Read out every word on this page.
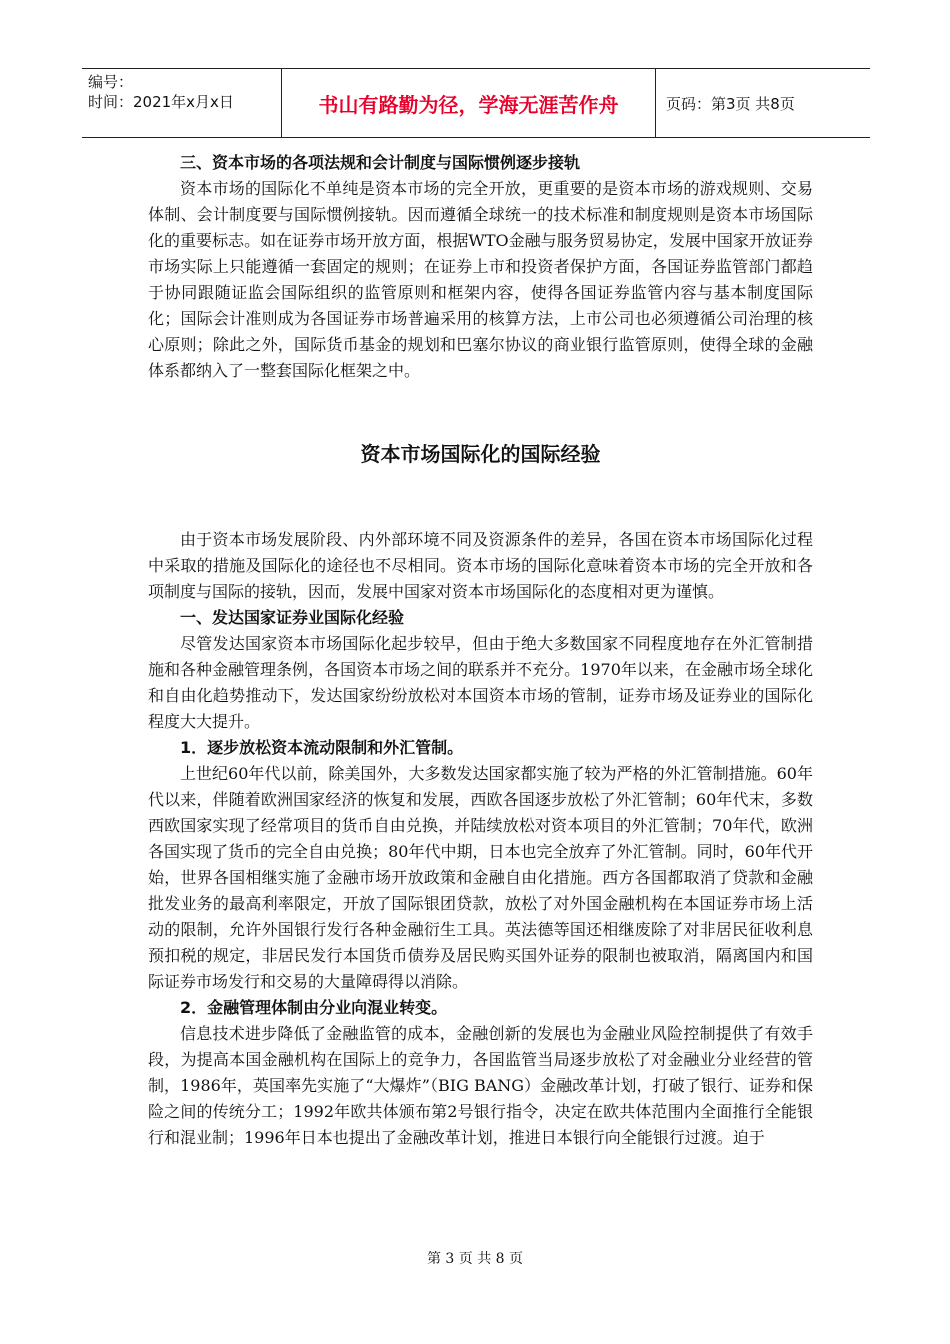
编号：
时间：2021年x月x日	书山有路勤为径，学海无涯苦作舟	页码：第3页 共8页

三、资本市场的各项法规和会计制度与国际惯例逐步接轨

资本市场的国际化不单纯是资本市场的完全开放，更重要的是资本市场的游戏规则、交易体制、会计制度要与国际惯例接轨。因而遵循全球统一的技术标准和制度规则是资本市场国际化的重要标志。如在证券市场开放方面，根据WTO金融与服务贸易协定，发展中国家开放证券市场实际上只能遵循一套固定的规则；在证券上市和投资者保护方面，各国证券监管部门都趋于协同跟随证监会国际组织的监管原则和框架内容，使得各国证券监管内容与基本制度国际化；国际会计准则成为各国证券市场普遍采用的核算方法，上市公司也必须遵循公司治理的核心原则；除此之外，国际货币基金的规划和巴塞尔协议的商业银行监管原则，使得全球的金融体系都纳入了一整套国际化框架之中。

资本市场国际化的国际经验

由于资本市场发展阶段、内外部环境不同及资源条件的差异，各国在资本市场国际化过程中采取的措施及国际化的途径也不尽相同。资本市场的国际化意味着资本市场的完全开放和各项制度与国际的接轨，因而，发展中国家对资本市场国际化的态度相对更为谨慎。

一、发达国家证券业国际化经验

尽管发达国家资本市场国际化起步较早，但由于绝大多数国家不同程度地存在外汇管制措施和各种金融管理条例，各国资本市场之间的联系并不充分。1970年以来，在金融市场全球化和自由化趋势推动下，发达国家纷纷放松对本国资本市场的管制，证券市场及证券业的国际化程度大大提升。

1．逐步放松资本流动限制和外汇管制。

上世纪60年代以前，除美国外，大多数发达国家都实施了较为严格的外汇管制措施。60年代以来，伴随着欧洲国家经济的恢复和发展，西欧各国逐步放松了外汇管制；60年代末，多数西欧国家实现了经常项目的货币自由兑换，并陆续放松对资本项目的外汇管制；70年代，欧洲各国实现了货币的完全自由兑换；80年代中期，日本也完全放弃了外汇管制。同时，60年代开始，世界各国相继实施了金融市场开放政策和金融自由化措施。西方各国都取消了贷款和金融批发业务的最高利率限定，开放了国际银团贷款，放松了对外国金融机构在本国证券市场上活动的限制，允许外国银行发行各种金融衍生工具。英法德等国还相继废除了对非居民征收利息预扣税的规定，非居民发行本国货币债券及居民购买国外证券的限制也被取消，隔离国内和国际证券市场发行和交易的大量障碍得以消除。

2．金融管理体制由分业向混业转变。

信息技术进步降低了金融监管的成本，金融创新的发展也为金融业风险控制提供了有效手段，为提高本国金融机构在国际上的竞争力，各国监管当局逐步放松了对金融业分业经营的管制，1986年，英国率先实施了“大爆炸”（BIG BANG）金融改革计划，打破了银行、证券和保险之间的传统分工；1992年欧共体颁布第2号银行指令，决定在欧共体范围内全面推行全能银行和混业制；1996年日本也提出了金融改革计划，推进日本银行向全能银行过渡。迫于

第 3 页 共 8 页
